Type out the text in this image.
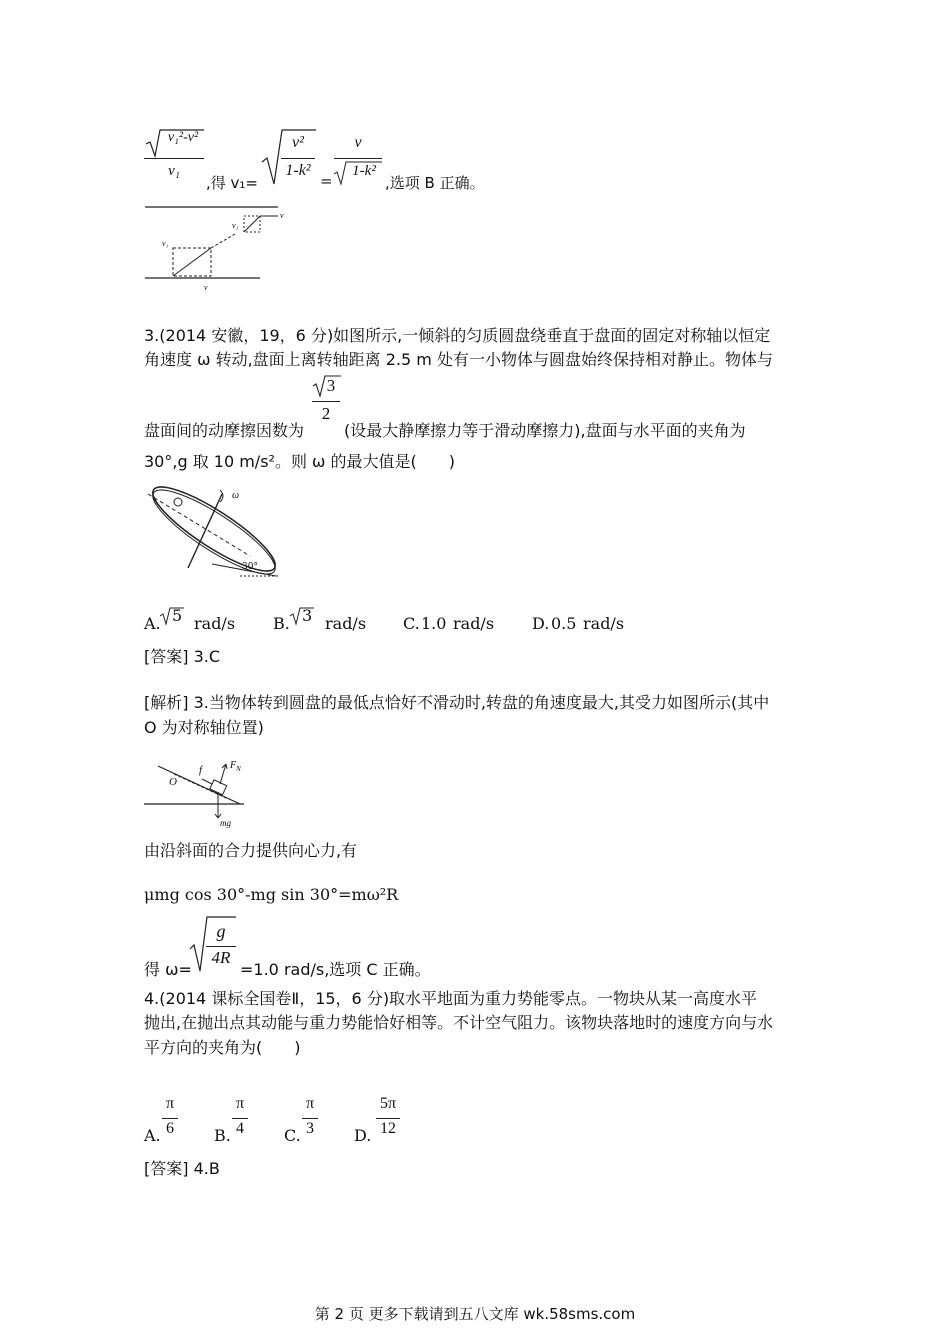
v₁²-v²
v₁
,得 v₁=
v²
1-k²
=
v
1-k²
,选项 B 正确。
v₁
v₁
v
v
3.(2014 安徽，19，6 分)如图所示,一倾斜的匀质圆盘绕垂直于盘面的固定对称轴以恒定
角速度 ω 转动,盘面上离转轴距离 2.5 m 处有一小物体与圆盘始终保持相对静止。物体与
盘面间的动摩擦因数为
3
2
(设最大静摩擦力等于滑动摩擦力),盘面与水平面的夹角为
30°,g 取 10 m/s²。则 ω 的最大值是(　　)
ω
30°
A. 5 rad/s B. 3 rad/s C. 1.0 rad/s D. 0.5 rad/s
[答案] 3.C
[解析] 3.当物体转到圆盘的最低点恰好不滑动时,转盘的角速度最大,其受力如图所示(其中
O 为对称轴位置)
O
f	$F_N$
mg
由沿斜面的合力提供向心力,有
μmg cos 30°-mg sin 30°=mω²R
得 ω=
g
4R
=1.0 rad/s,选项 C 正确。
4.(2014 课标全国卷Ⅱ，15，6 分)取水平地面为重力势能零点。一物块从某一高度水平
抛出,在抛出点其动能与重力势能恰好相等。不计空气阻力。该物块落地时的速度方向与水
平方向的夹角为(　　)
A.
π
6	B.
π
4	C.
π
3	D.
5π
12
[答案] 4.B
第 2 页 更多下载请到五八文库 wk.58sms.com
